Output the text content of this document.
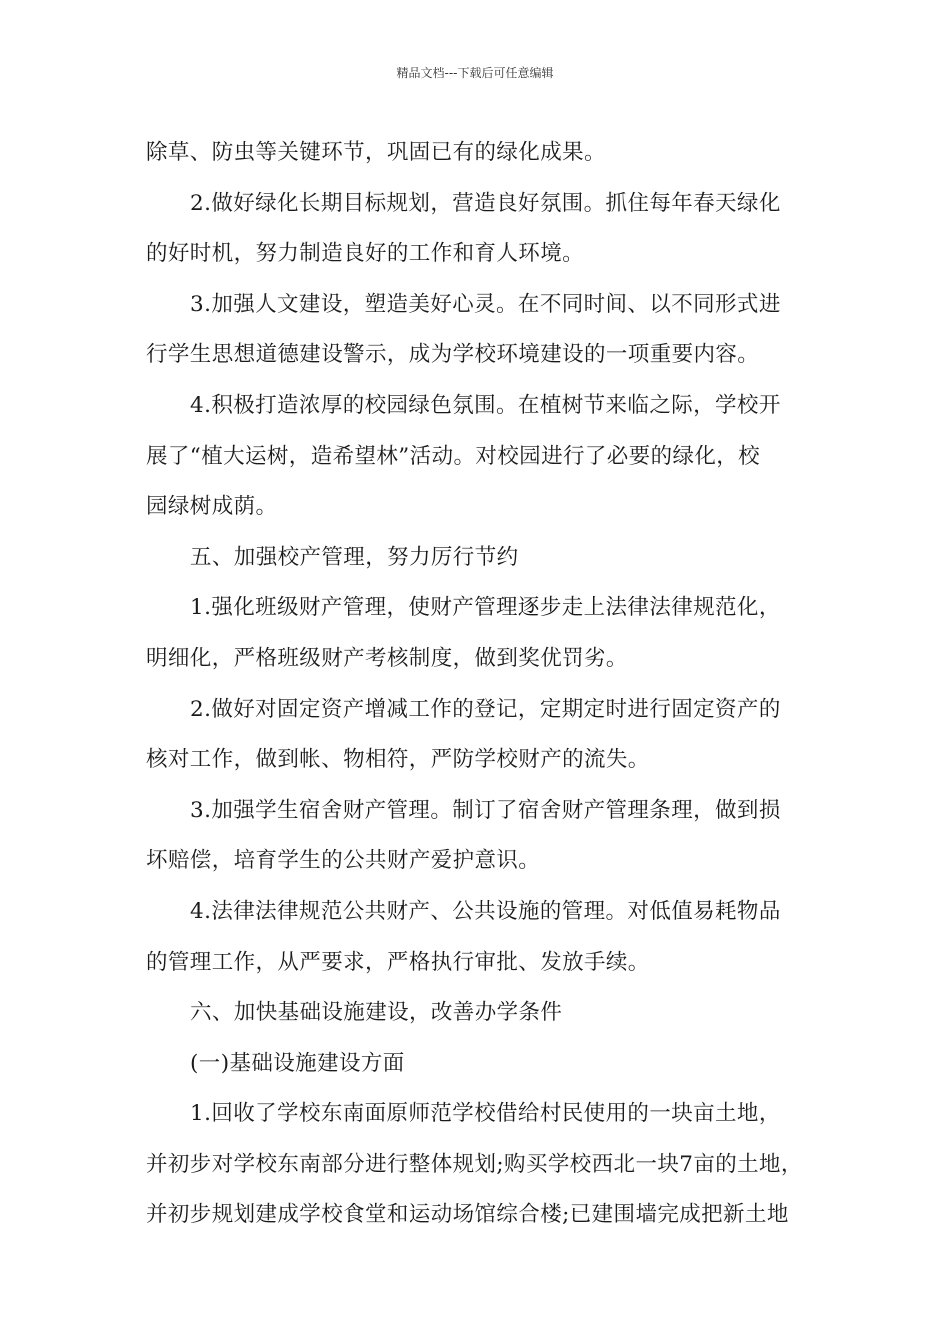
精品文档---下载后可任意编辑
除草、防虫等关键环节，巩固已有的绿化成果。
2.做好绿化长期目标规划，营造良好氛围。抓住每年春天绿化
的好时机，努力制造良好的工作和育人环境。
3.加强人文建设，塑造美好心灵。在不同时间、以不同形式进
行学生思想道德建设警示，成为学校环境建设的一项重要内容。
4.积极打造浓厚的校园绿色氛围。在植树节来临之际，学校开
展了“植大运树，造希望林”活动。对校园进行了必要的绿化，校
园绿树成荫。
五、加强校产管理，努力厉行节约
1.强化班级财产管理，使财产管理逐步走上法律法律规范化，
明细化，严格班级财产考核制度，做到奖优罚劣。
2.做好对固定资产增减工作的登记，定期定时进行固定资产的
核对工作，做到帐、物相符，严防学校财产的流失。
3.加强学生宿舍财产管理。制订了宿舍财产管理条理，做到损
坏赔偿，培育学生的公共财产爱护意识。
4.法律法律规范公共财产、公共设施的管理。对低值易耗物品
的管理工作，从严要求，严格执行审批、发放手续。
六、加快基础设施建设，改善办学条件
(一)基础设施建设方面
1.回收了学校东南面原师范学校借给村民使用的一块亩土地，
并初步对学校东南部分进行整体规划;购买学校西北一块7亩的土地，
并初步规划建成学校食堂和运动场馆综合楼;已建围墙完成把新土地
